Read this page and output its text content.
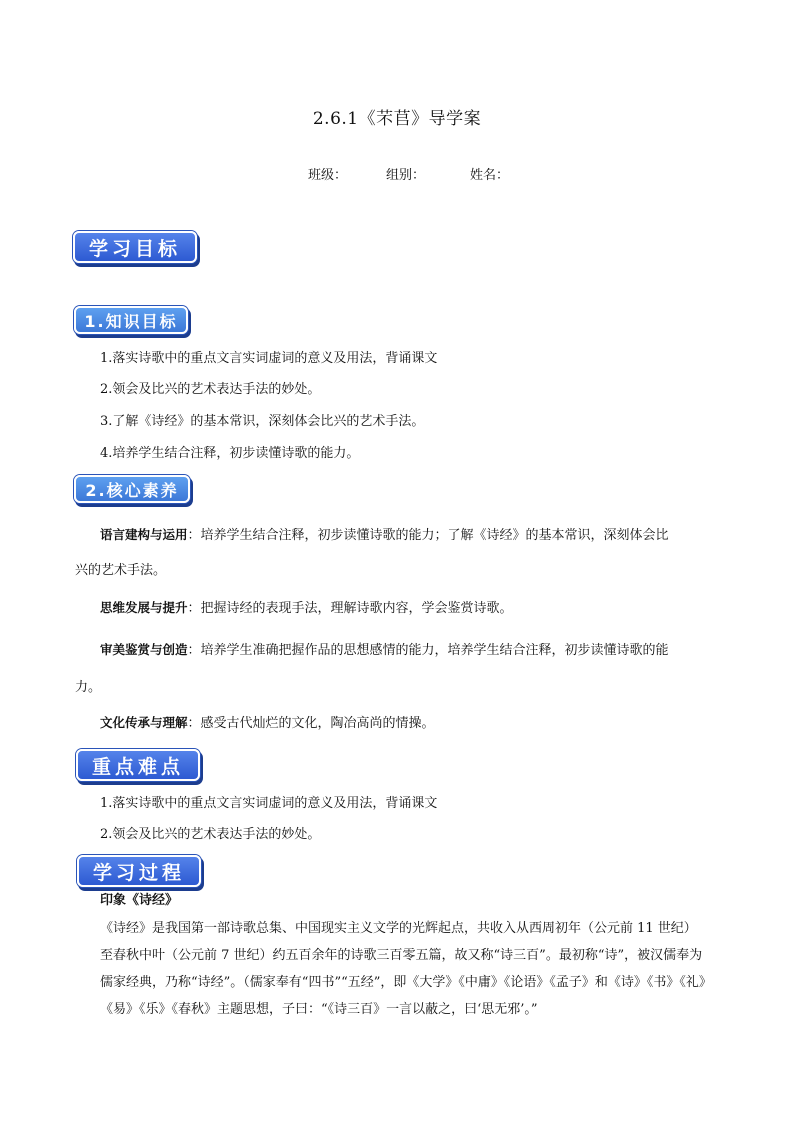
2.6.1《芣苢》导学案
班级：	组别：	姓名：
学习目标
1.知识目标
1.落实诗歌中的重点文言实词虚词的意义及用法，背诵课文
2.领会及比兴的艺术表达手法的妙处。
3.了解《诗经》的基本常识，深刻体会比兴的艺术手法。
4.培养学生结合注释，初步读懂诗歌的能力。
2.核心素养
语言建构与运用：培养学生结合注释，初步读懂诗歌的能力；了解《诗经》的基本常识，深刻体会比
兴的艺术手法。
思维发展与提升：把握诗经的表现手法，理解诗歌内容，学会鉴赏诗歌。
审美鉴赏与创造：培养学生准确把握作品的思想感情的能力，培养学生结合注释，初步读懂诗歌的能
力。
文化传承与理解：感受古代灿烂的文化，陶冶高尚的情操。
重点难点
1.落实诗歌中的重点文言实词虚词的意义及用法，背诵课文
2.领会及比兴的艺术表达手法的妙处。
学习过程
印象《诗经》
《诗经》是我国第一部诗歌总集、中国现实主义文学的光辉起点，共收入从西周初年（公元前 11 世纪）
至春秋中叶（公元前 7 世纪）约五百余年的诗歌三百零五篇，故又称“诗三百”。最初称“诗”，被汉儒奉为
儒家经典，乃称“诗经”。（儒家奉有“四书”“五经”，即《大学》《中庸》《论语》《孟子》和《诗》《书》《礼》
《易》《乐》《春秋》主题思想，子曰：“《诗三百》一言以蔽之，曰‘思无邪’。”
